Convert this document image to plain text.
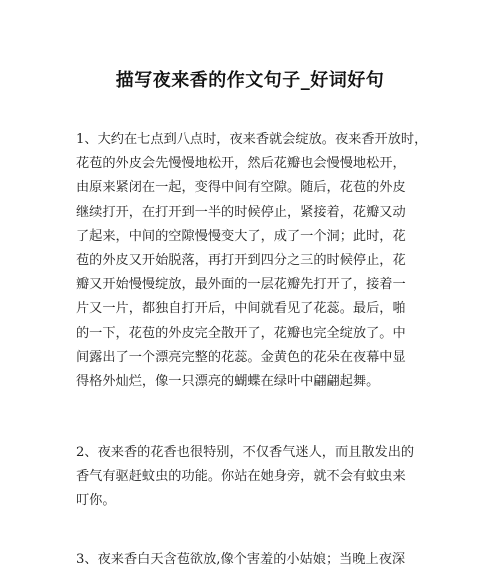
描写夜来香的作文句子_好词好句
1、大约在七点到八点时，夜来香就会绽放。夜来香开放时，
花苞的外皮会先慢慢地松开，然后花瓣也会慢慢地松开，
由原来紧闭在一起，变得中间有空隙。随后，花苞的外皮
继续打开，在打开到一半的时候停止，紧接着，花瓣又动
了起来，中间的空隙慢慢变大了，成了一个洞；此时，花
苞的外皮又开始脱落，再打开到四分之三的时候停止，花
瓣又开始慢慢绽放，最外面的一层花瓣先打开了，接着一
片又一片，都独自打开后，中间就看见了花蕊。最后，啪
的一下，花苞的外皮完全散开了，花瓣也完全绽放了。中
间露出了一个漂亮完整的花蕊。金黄色的花朵在夜幕中显
得格外灿烂，像一只漂亮的蝴蝶在绿叶中翩翩起舞。
2、夜来香的花香也很特别，不仅香气迷人，而且散发出的
香气有驱赶蚊虫的功能。你站在她身旁，就不会有蚊虫来
叮你。
3、夜来香白天含苞欲放,像个害羞的小姑娘；当晚上夜深
